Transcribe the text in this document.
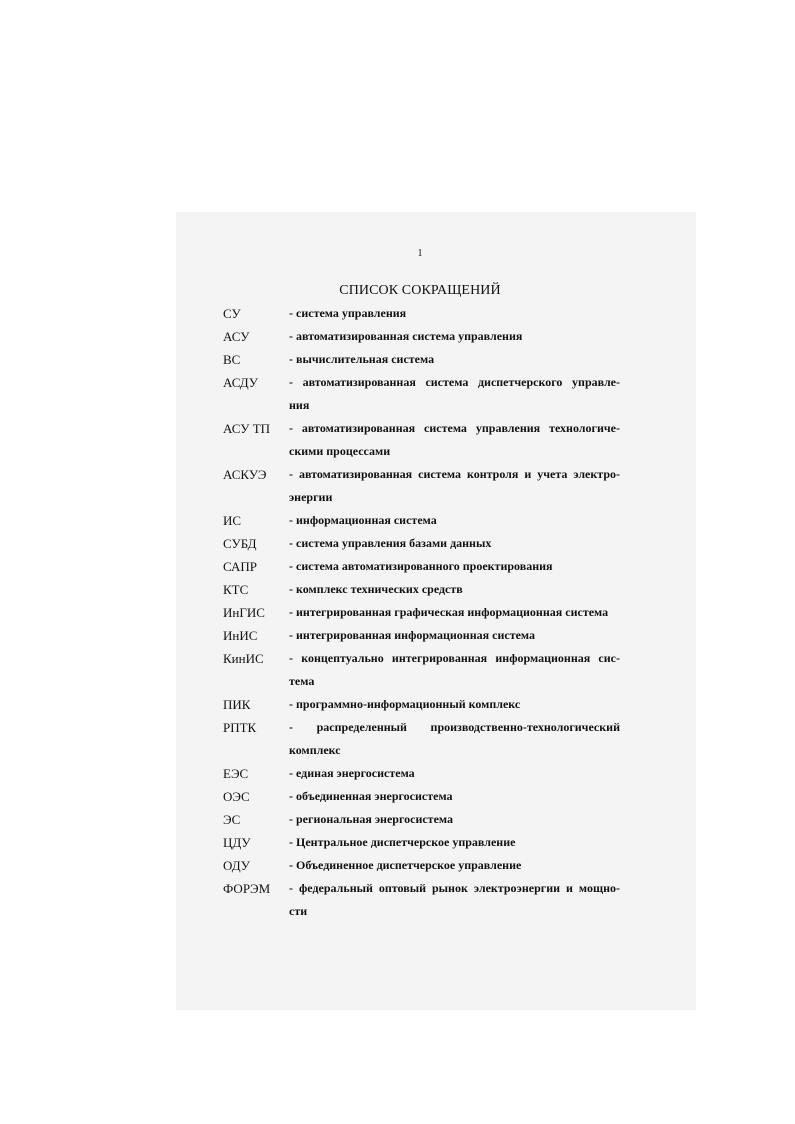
1
СПИСОК СОКРАЩЕНИЙ
СУ	- система управления
АСУ	- автоматизированная система управления
ВС	- вычислительная система
АСДУ	- автоматизированная система диспетчерского управле-
ния
АСУ ТП - автоматизированная система управления технологиче-
скими процессами
АСКУЭ - автоматизированная система контроля и учета электро-
энергии
ИС	- информационная система
СУБД	- система управления базами данных
САПР	- система автоматизированного проектирования
КТС	- комплекс технических средств
ИнГИС - интегрированная графическая информационная система
ИнИС	- интегрированная информационная система
КинИС - концептуально интегрированная информационная сис-
тема
ПИК	- программно-информационный комплекс
РПТК	- распределенный производственно-технологический
комплекс
ЕЭС	- единая энергосистема
ОЭС	- объединенная энергосистема
ЭС	- региональная энергосистема
ЦДУ	- Центральное диспетчерское управление
ОДУ	- Объединенное диспетчерское управление
ФОРЭМ - федеральный оптовый рынок электроэнергии и мощно-
сти
